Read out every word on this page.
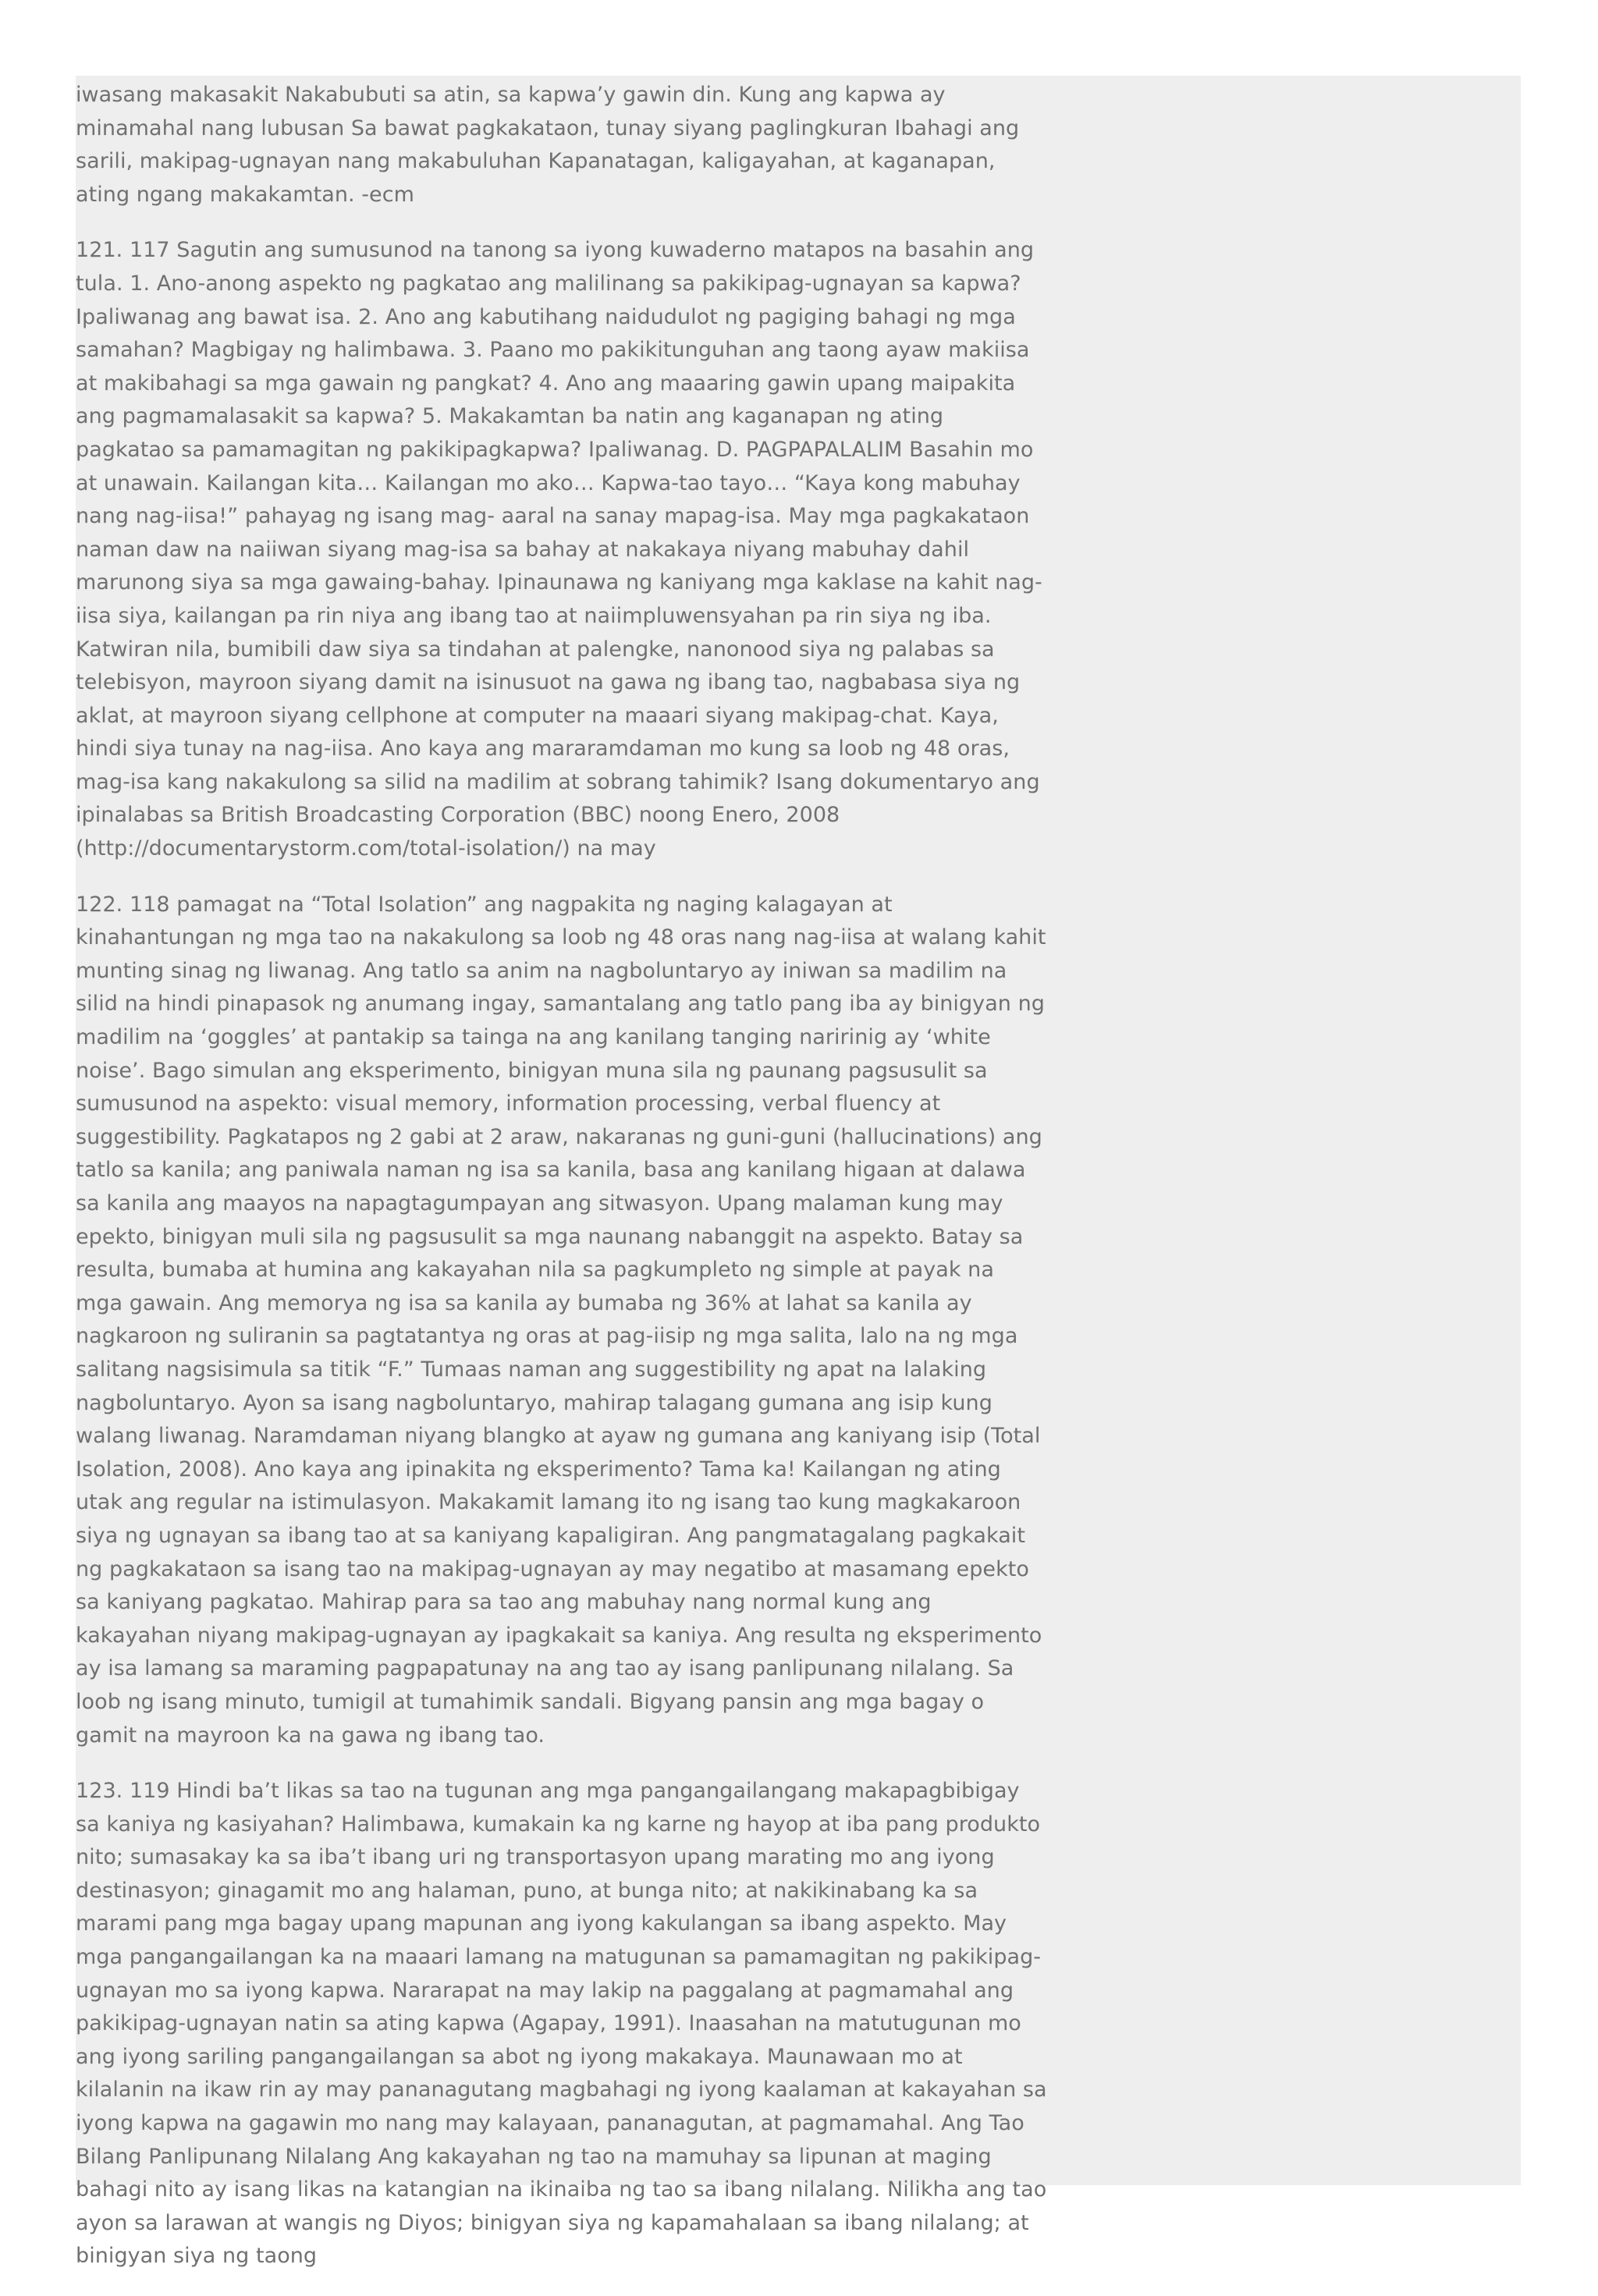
iwasang makasakit Nakabubuti sa atin, sa kapwa’y gawin din. Kung ang kapwa ay minamahal nang lubusan Sa bawat pagkakataon, tunay siyang paglingkuran Ibahagi ang sarili, makipag-ugnayan nang makabuluhan Kapanatagan, kaligayahan, at kaganapan, ating ngang makakamtan. -ecm

121. 117 Sagutin ang sumusunod na tanong sa iyong kuwaderno matapos na basahin ang tula. 1. Ano-anong aspekto ng pagkatao ang malilinang sa pakikipag-ugnayan sa kapwa? Ipaliwanag ang bawat isa. 2. Ano ang kabutihang naidudulot ng pagiging bahagi ng mga samahan? Magbigay ng halimbawa. 3. Paano mo pakikitunguhan ang taong ayaw makiisa at makibahagi sa mga gawain ng pangkat? 4. Ano ang maaaring gawin upang maipakita ang pagmamalasakit sa kapwa? 5. Makakamtan ba natin ang kaganapan ng ating pagkatao sa pamamagitan ng pakikipagkapwa? Ipaliwanag. D. PAGPAPALALIM Basahin mo at unawain. Kailangan kita… Kailangan mo ako… Kapwa-tao tayo… “Kaya kong mabuhay nang nag-iisa!” pahayag ng isang mag- aaral na sanay mapag-isa. May mga pagkakataon naman daw na naiiwan siyang mag-isa sa bahay at nakakaya niyang mabuhay dahil marunong siya sa mga gawaing-bahay. Ipinaunawa ng kaniyang mga kaklase na kahit nag-iisa siya, kailangan pa rin niya ang ibang tao at naiimpluwensyahan pa rin siya ng iba. Katwiran nila, bumibili daw siya sa tindahan at palengke, nanonood siya ng palabas sa telebisyon, mayroon siyang damit na isinusuot na gawa ng ibang tao, nagbabasa siya ng aklat, at mayroon siyang cellphone at computer na maaari siyang makipag-chat. Kaya, hindi siya tunay na nag-iisa. Ano kaya ang mararamdaman mo kung sa loob ng 48 oras, mag-isa kang nakakulong sa silid na madilim at sobrang tahimik? Isang dokumentaryo ang ipinalabas sa British Broadcasting Corporation (BBC) noong Enero, 2008 (http://documentarystorm.com/total-isolation/) na may

122. 118 pamagat na “Total Isolation” ang nagpakita ng naging kalagayan at kinahantungan ng mga tao na nakakulong sa loob ng 48 oras nang nag-iisa at walang kahit munting sinag ng liwanag. Ang tatlo sa anim na nagboluntaryo ay iniwan sa madilim na silid na hindi pinapasok ng anumang ingay, samantalang ang tatlo pang iba ay binigyan ng madilim na ‘goggles’ at pantakip sa tainga na ang kanilang tanging naririnig ay ‘white noise’. Bago simulan ang eksperimento, binigyan muna sila ng paunang pagsusulit sa sumusunod na aspekto: visual memory, information processing, verbal fluency at suggestibility. Pagkatapos ng 2 gabi at 2 araw, nakaranas ng guni-guni (hallucinations) ang tatlo sa kanila; ang paniwala naman ng isa sa kanila, basa ang kanilang higaan at dalawa sa kanila ang maayos na napagtagumpayan ang sitwasyon. Upang malaman kung may epekto, binigyan muli sila ng pagsusulit sa mga naunang nabanggit na aspekto. Batay sa resulta, bumaba at humina ang kakayahan nila sa pagkumpleto ng simple at payak na mga gawain. Ang memorya ng isa sa kanila ay bumaba ng 36% at lahat sa kanila ay nagkaroon ng suliranin sa pagtatantya ng oras at pag-iisip ng mga salita, lalo na ng mga salitang nagsisimula sa titik “F.” Tumaas naman ang suggestibility ng apat na lalaking nagboluntaryo. Ayon sa isang nagboluntaryo, mahirap talagang gumana ang isip kung walang liwanag. Naramdaman niyang blangko at ayaw ng gumana ang kaniyang isip (Total Isolation, 2008). Ano kaya ang ipinakita ng eksperimento? Tama ka! Kailangan ng ating utak ang regular na istimulasyon. Makakamit lamang ito ng isang tao kung magkakaroon siya ng ugnayan sa ibang tao at sa kaniyang kapaligiran. Ang pangmatagalang pagkakait ng pagkakataon sa isang tao na makipag-ugnayan ay may negatibo at masamang epekto sa kaniyang pagkatao. Mahirap para sa tao ang mabuhay nang normal kung ang kakayahan niyang makipag-ugnayan ay ipagkakait sa kaniya. Ang resulta ng eksperimento ay isa lamang sa maraming pagpapatunay na ang tao ay isang panlipunang nilalang. Sa loob ng isang minuto, tumigil at tumahimik sandali. Bigyang pansin ang mga bagay o gamit na mayroon ka na gawa ng ibang tao.

123. 119 Hindi ba’t likas sa tao na tugunan ang mga pangangailangang makapagbibigay sa kaniya ng kasiyahan? Halimbawa, kumakain ka ng karne ng hayop at iba pang produkto nito; sumasakay ka sa iba’t ibang uri ng transportasyon upang marating mo ang iyong destinasyon; ginagamit mo ang halaman, puno, at bunga nito; at nakikinabang ka sa marami pang mga bagay upang mapunan ang iyong kakulangan sa ibang aspekto. May mga pangangailangan ka na maaari lamang na matugunan sa pamamagitan ng pakikipag-ugnayan mo sa iyong kapwa. Nararapat na may lakip na paggalang at pagmamahal ang pakikipag-ugnayan natin sa ating kapwa (Agapay, 1991). Inaasahan na matutugunan mo ang iyong sariling pangangailangan sa abot ng iyong makakaya. Maunawaan mo at kilalanin na ikaw rin ay may pananagutang magbahagi ng iyong kaalaman at kakayahan sa iyong kapwa na gagawin mo nang may kalayaan, pananagutan, at pagmamahal. Ang Tao Bilang Panlipunang Nilalang Ang kakayahan ng tao na mamuhay sa lipunan at maging bahagi nito ay isang likas na katangian na ikinaiba ng tao sa ibang nilalang. Nilikha ang tao ayon sa larawan at wangis ng Diyos; binigyan siya ng kapamahalaan sa ibang nilalang; at binigyan siya ng taong
